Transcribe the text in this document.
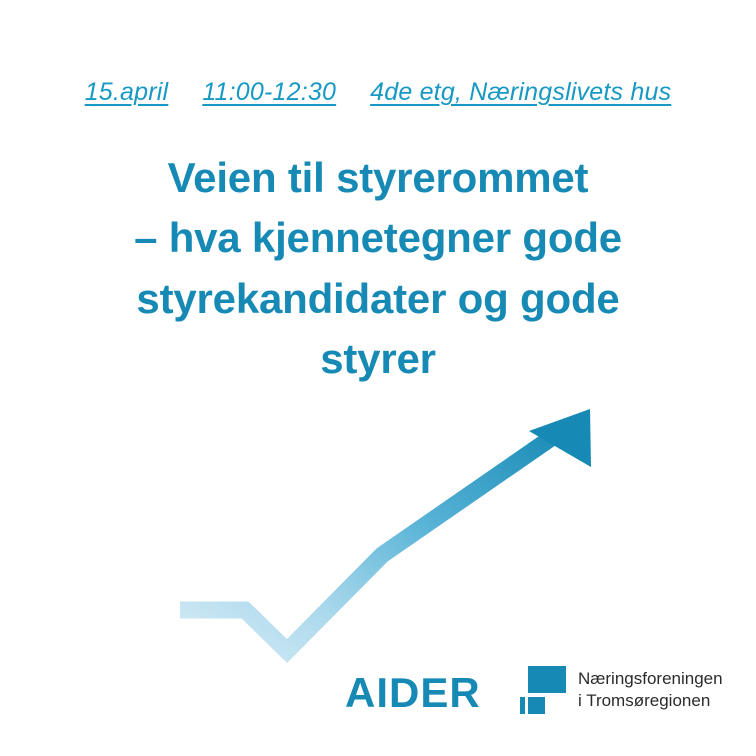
15.april 11:00-12:30 4de etg, Næringslivets hus
Veien til styrerommet
– hva kjennetegner gode
styrekandidater og gode
styrer
AIDER	Næringsforeningen
i Tromsøregionen
